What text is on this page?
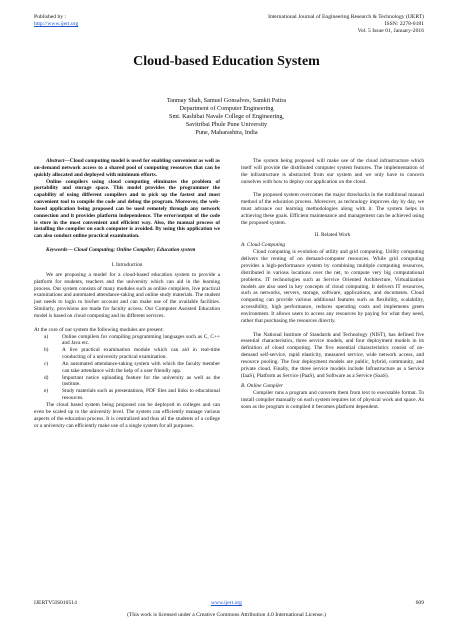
Published by :
http://www.ijert.org
International Journal of Engineering Research & Technology (IJERT)
ISSN: 2278-0181
Vol. 5 Issue 01, January-2016
Cloud-based Education System
Tanmay Shah, Samuel Gonsalves, Samkit Patira
Department of Computer Engineering
Smt. Kashibai Navale College of Engineering,
Savitribai Phule Pune University
Pune, Maharashtra, India

Abstract—Cloud computing model is used for enabling convenient as well as on-demand network access to a shared pool of computing resources that can be quickly allocated and deployed with minimum efforts.

Online compilers using cloud computing eliminates the problem of portability and storage space. This model provides the programmer the capability of using different compilers and to pick up the fastest and most convenient tool to compile the code and debug the program. Moreover, the web-based application being proposed can be used remotely through any network connection and it provides platform independence. The error/output of the code is store in the most convenient and efficient way. Also, the manual process of installing the compiler on each computer is avoided. By using this application we can also conduct online practical examination.

Keywords— Cloud Computing; Online Compiler; Education system

I. Introduction

We are proposing a model for a cloud-based education system to provide a platform for students, teachers and the university which can aid in the learning process. Our system consists of many modules such as online compilers, live practical examinations and automated attendance-taking and online study materials. The student just needs to login to his/her account and can make use of the available facilities. Similarly, provisions are made for faculty access. Our Computer Assisted Education model is based on cloud computing and its different services.

At the core of our system the following modules are present:

a)	Online compilers for compiling programming languages such as C, C++ and Java etc.
b)	A live practical examination module which can aid in real-time conducting of a university practical examination.
c)	An automated attendance-taking system with which the faculty member can take attendance with the help of a user friendly app.
d)	Important notice uploading feature for the university as well as the institute.
e)	Study materials such as presentations, PDF files and links to educational resources.

The cloud based system being proposed can be deployed in colleges and can even be scaled up to the university level. The system can efficiently manage various aspects of the education process. It is centralized and thus all the students of a college or a university can efficiently make use of a single system for all purposes.

The system being proposed will make use of the cloud infrastructure which itself will provide the distributed computer system features. The implementation of the infrastructure is abstracted from our system and we only have to concern ourselves with how to deploy our application on the cloud.

The proposed system overcomes the major drawbacks in the traditional manual method of the education process. Moreover, as technology improves day by day, we must advance our learning methodologies along with it. The system helps in achieving these goals. Efficient maintenance and management can be achieved using the proposed system.

II. Related Work

A. Cloud Computing

Cloud computing is evolution of utility and grid computing. Utility computing delivers the renting of on demand-computer resources. While grid computing provides a high-performance system by combining multiple computing resources, distributed in various locations over the net, to compute very big computational problems. IT technologies such as Service Oriented Architecture, Virtualization models are also used in key concepts of cloud computing. It delivers IT resources, such as networks, servers, storage, software, applications, and documents. Cloud computing can provide various additional features such as flexibility, scalability, accessibility, high performance, reduces operating costs and implements green environment. It allows users to access any resources by paying for what they need, rather that purchasing the resources directly.

The National Institute of Standards and Technology (NIST), has defined five essential characteristics, three service models, and four deployment models in its definition of cloud computing. The five essential characteristics consist of on-demand self-service, rapid elasticity, measured service, wide network access, and resource pooling. The four deployment models are public, hybrid, community, and private cloud. Finally, the three service models include Infrastructure as a Service (IaaS), Platform as Service (PaaS), and Software as a Service (SaaS).

B. Online Compiler

Compiler runs a program and converts them from text to executable format. To install compiler manually on each system requires lot of physical work and space. As soon as the program is compiled it becomes platform dependent.

IJERTV5IS010514	www.ijert.org	609
(This work is licensed under a Creative Commons Attribution 4.0 International License.)
